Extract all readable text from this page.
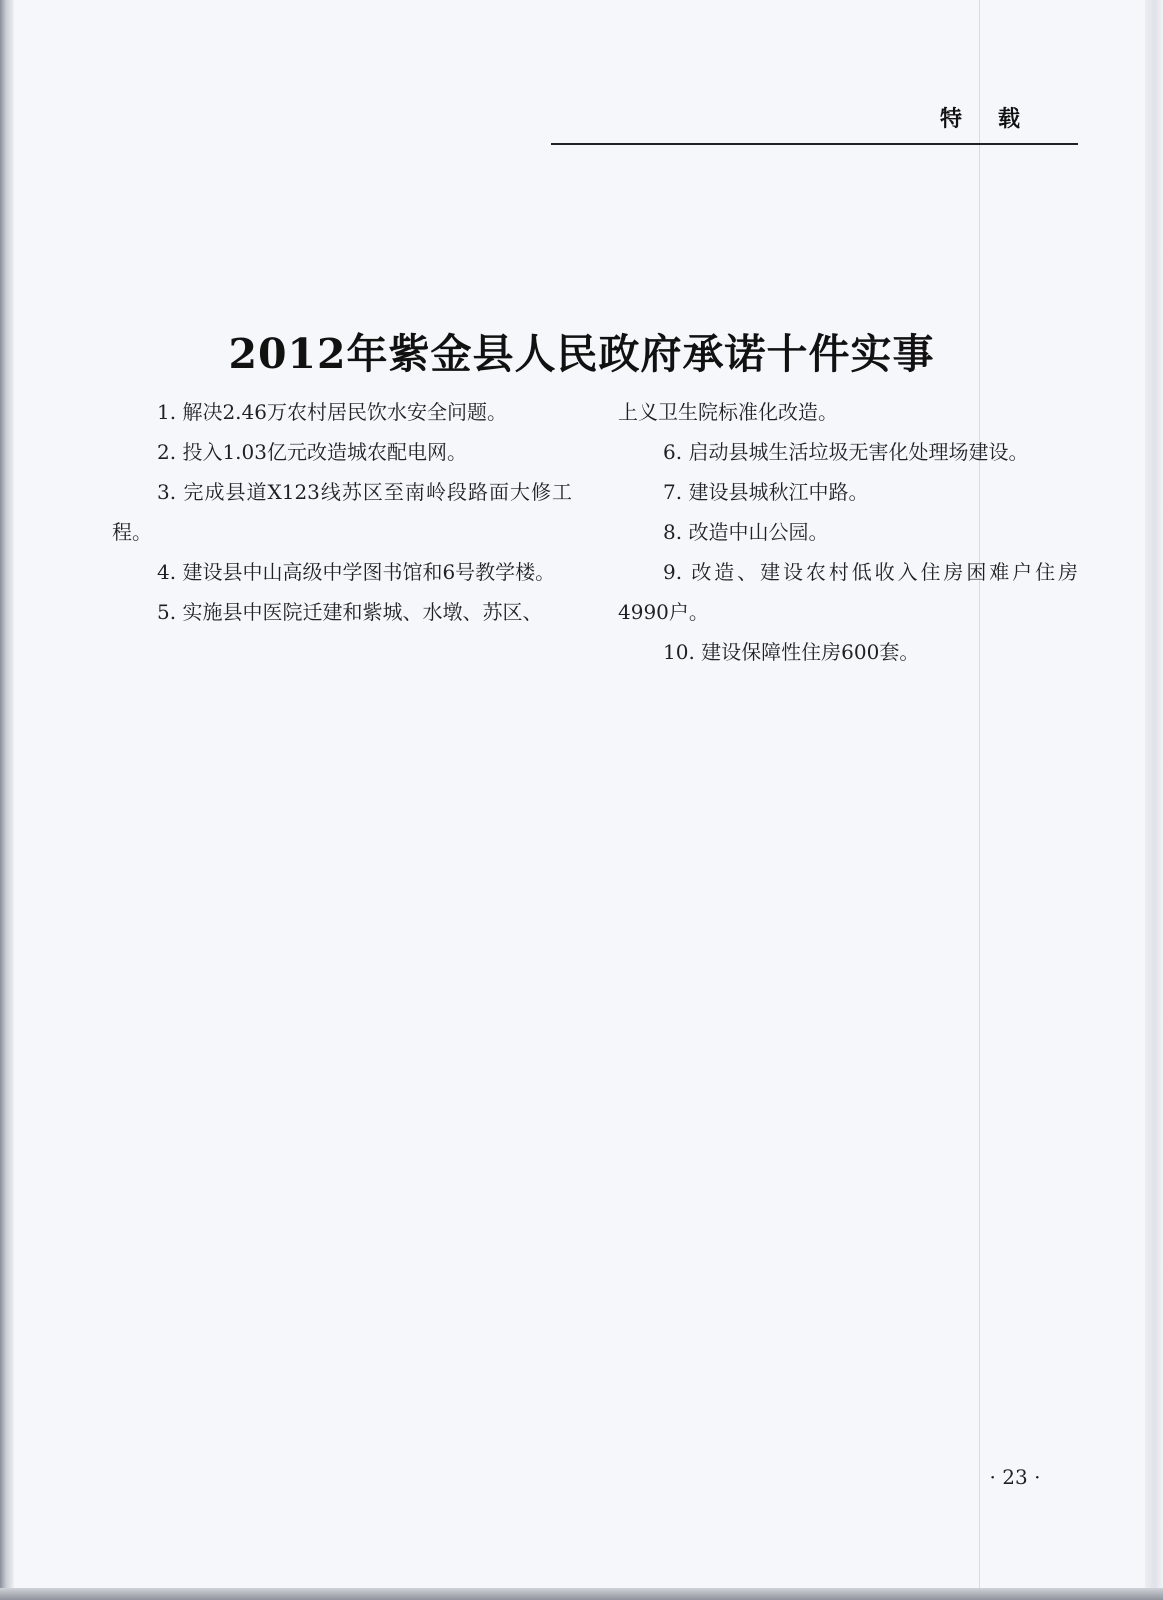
特载
2012年紫金县人民政府承诺十件实事

1. 解决2.46万农村居民饮水安全问题。

2. 投入1.03亿元改造城农配电网。

3. 完成县道X123线苏区至南岭段路面大修工程。

4. 建设县中山高级中学图书馆和6号教学楼。

5. 实施县中医院迁建和紫城、水墩、苏区、

上义卫生院标准化改造。

6. 启动县城生活垃圾无害化处理场建设。

7. 建设县城秋江中路。

8. 改造中山公园。

9. 改造、建设农村低收入住房困难户住房4990户。

10. 建设保障性住房600套。

· 23 ·
